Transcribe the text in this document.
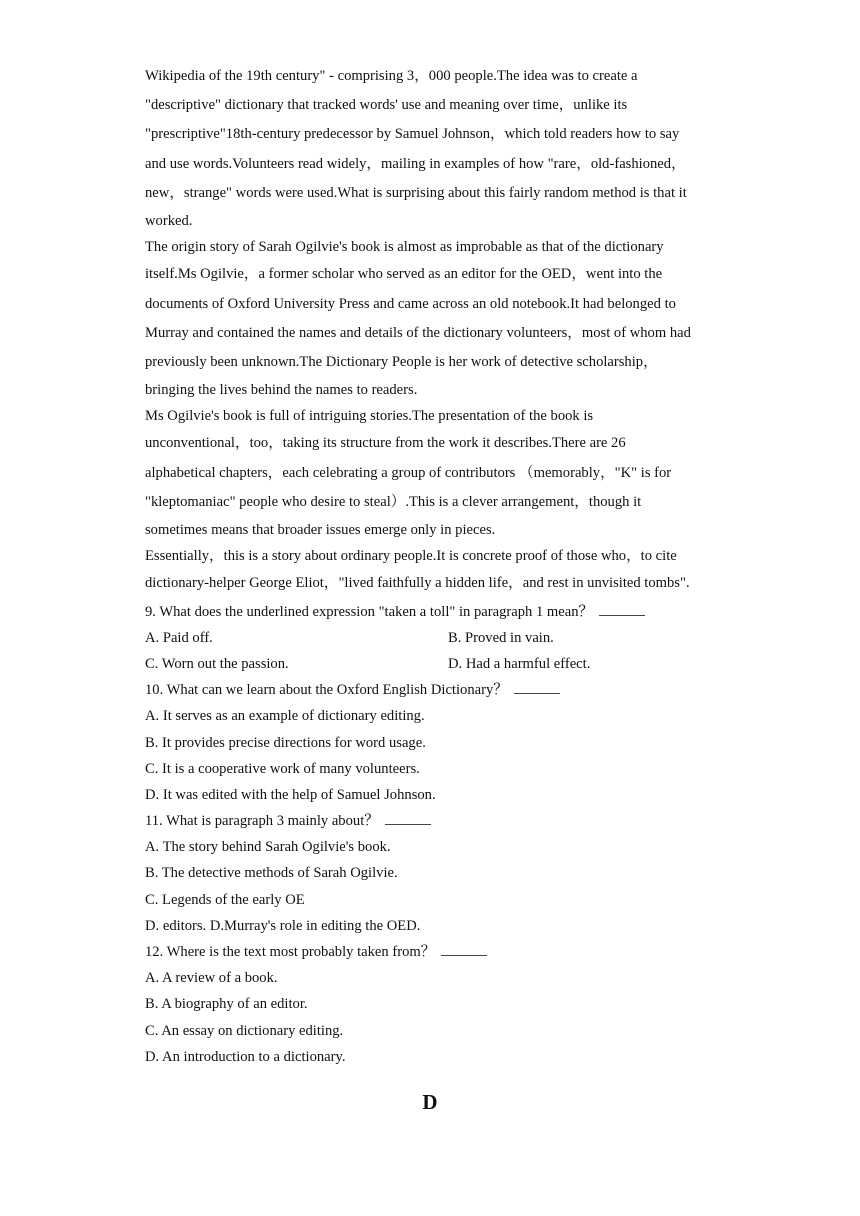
Wikipedia of the 19th century" - comprising 3，000 people.The idea was to create a
"descriptive" dictionary that tracked words' use and meaning over time，unlike its
"prescriptive"18th-century predecessor by Samuel Johnson，which told readers how to say
and use words.Volunteers read widely，mailing in examples of how "rare，old-fashioned，
new，strange" words were used.What is surprising about this fairly random method is that it
worked.
The origin story of Sarah Ogilvie's book is almost as improbable as that of the dictionary
itself.Ms Ogilvie，a former scholar who served as an editor for the OED，went into the
documents of Oxford University Press and came across an old notebook.It had belonged to
Murray and contained the names and details of the dictionary volunteers，most of whom had
previously been unknown.The Dictionary People is her work of detective scholarship，
bringing the lives behind the names to readers.
Ms Ogilvie's book is full of intriguing stories.The presentation of the book is
unconventional，too，taking its structure from the work it describes.There are 26
alphabetical chapters，each celebrating a group of contributors （memorably，"K" is for
"kleptomaniac" people who desire to steal）.This is a clever arrangement，though it
sometimes means that broader issues emerge only in pieces.
Essentially，this is a story about ordinary people.It is concrete proof of those who，to cite
dictionary-helper George Eliot，"lived faithfully a hidden life，and rest in unvisited tombs".
9. What does the underlined expression "taken a toll" in paragraph 1 mean？
A. Paid off.	B. Proved in vain.
C. Worn out the passion.	D. Had a harmful effect.
10. What can we learn about the Oxford English Dictionary？
A. It serves as an example of dictionary editing.
B. It provides precise directions for word usage.
C. It is a cooperative work of many volunteers.
D. It was edited with the help of Samuel Johnson.
11. What is paragraph 3 mainly about？
A. The story behind Sarah Ogilvie's book.
B. The detective methods of Sarah Ogilvie.
C. Legends of the early OE
D. editors. D.Murray's role in editing the OED.
12. Where is the text most probably taken from？
A. A review of a book.
B. A biography of an editor.
C. An essay on dictionary editing.
D. An introduction to a dictionary.
D
